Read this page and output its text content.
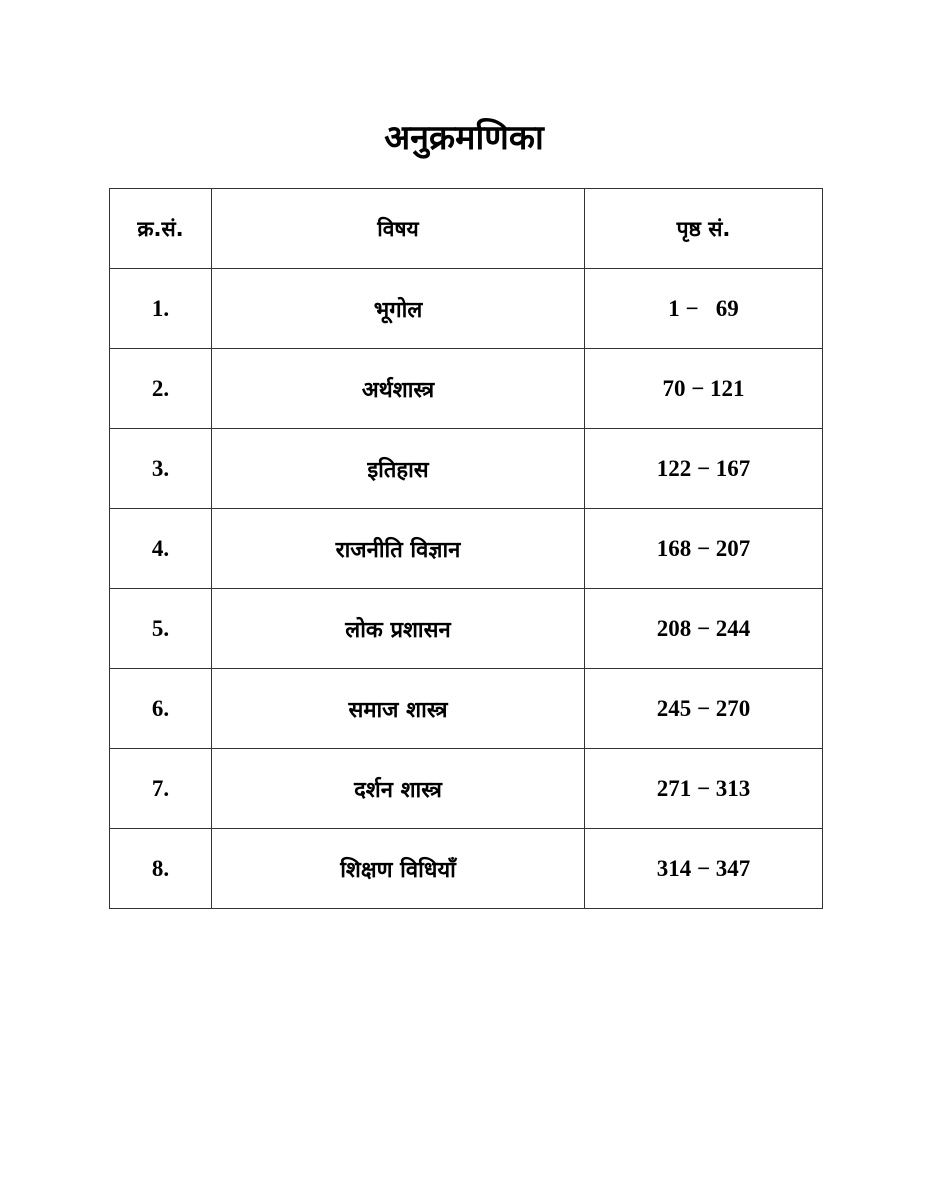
अनुक्रमणिका
क्र.सं.	विषय	पृष्ठ सं.
1.	भूगोल	1 −   69
2.	अर्थशास्त्र	70 − 121
3.	इतिहास	122 − 167
4.	राजनीति विज्ञान	168 − 207
5.	लोक प्रशासन	208 − 244
6.	समाज शास्त्र	245 − 270
7.	दर्शन शास्त्र	271 − 313
8.	शिक्षण विधियाँ	314 − 347
